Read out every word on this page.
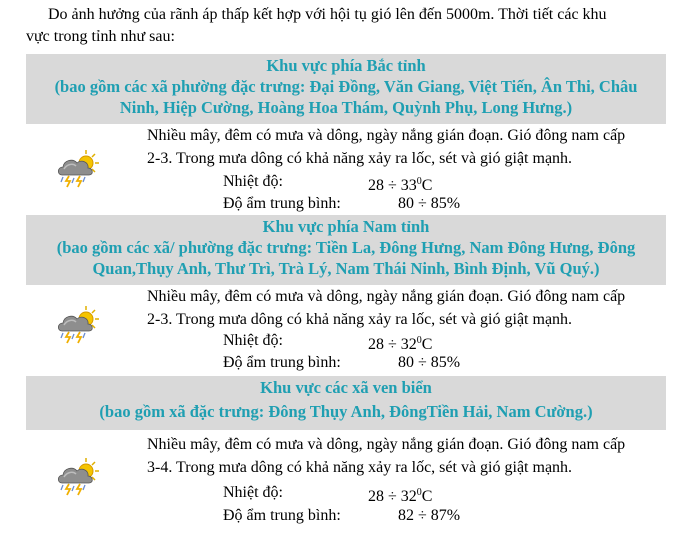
Do ảnh hưởng của rãnh áp thấp kết hợp với hội tụ gió lên đến 5000m. Thời tiết các khu
vực trong tỉnh như sau:
Khu vực phía Bắc tỉnh
(bao gồm các xã phường đặc trưng: Đại Đồng, Văn Giang, Việt Tiến, Ân Thi, Châu
Ninh, Hiệp Cường, Hoàng Hoa Thám, Quỳnh Phụ, Long Hưng.)
Nhiều mây, đêm có mưa và dông, ngày nắng gián đoạn. Gió đông nam cấp
2-3. Trong mưa dông có khả năng xảy ra lốc, sét và gió giật mạnh.
Nhiệt độ:	$28 \div 33^0C$
Độ ẩm trung bình:	80 ÷ 85%
Khu vực phía Nam tỉnh
(bao gồm các xã/ phường đặc trưng: Tiền La, Đông Hưng, Nam Đông Hưng, Đông
Quan,Thụy Anh, Thư Trì, Trà Lý, Nam Thái Ninh, Bình Định, Vũ Quý.)
Nhiều mây, đêm có mưa và dông, ngày nắng gián đoạn. Gió đông nam cấp
2-3. Trong mưa dông có khả năng xảy ra lốc, sét và gió giật mạnh.
Nhiệt độ:	$28 \div 32^0C$
Độ ẩm trung bình:	80 ÷ 85%
Khu vực các xã ven biển
(bao gồm xã đặc trưng: Đông Thụy Anh, ĐôngTiền Hải, Nam Cường.)
Nhiều mây, đêm có mưa và dông, ngày nắng gián đoạn. Gió đông nam cấp
3-4. Trong mưa dông có khả năng xảy ra lốc, sét và gió giật mạnh.
Nhiệt độ:	$28 \div 32^0C$
Độ ẩm trung bình:	82 ÷ 87%
